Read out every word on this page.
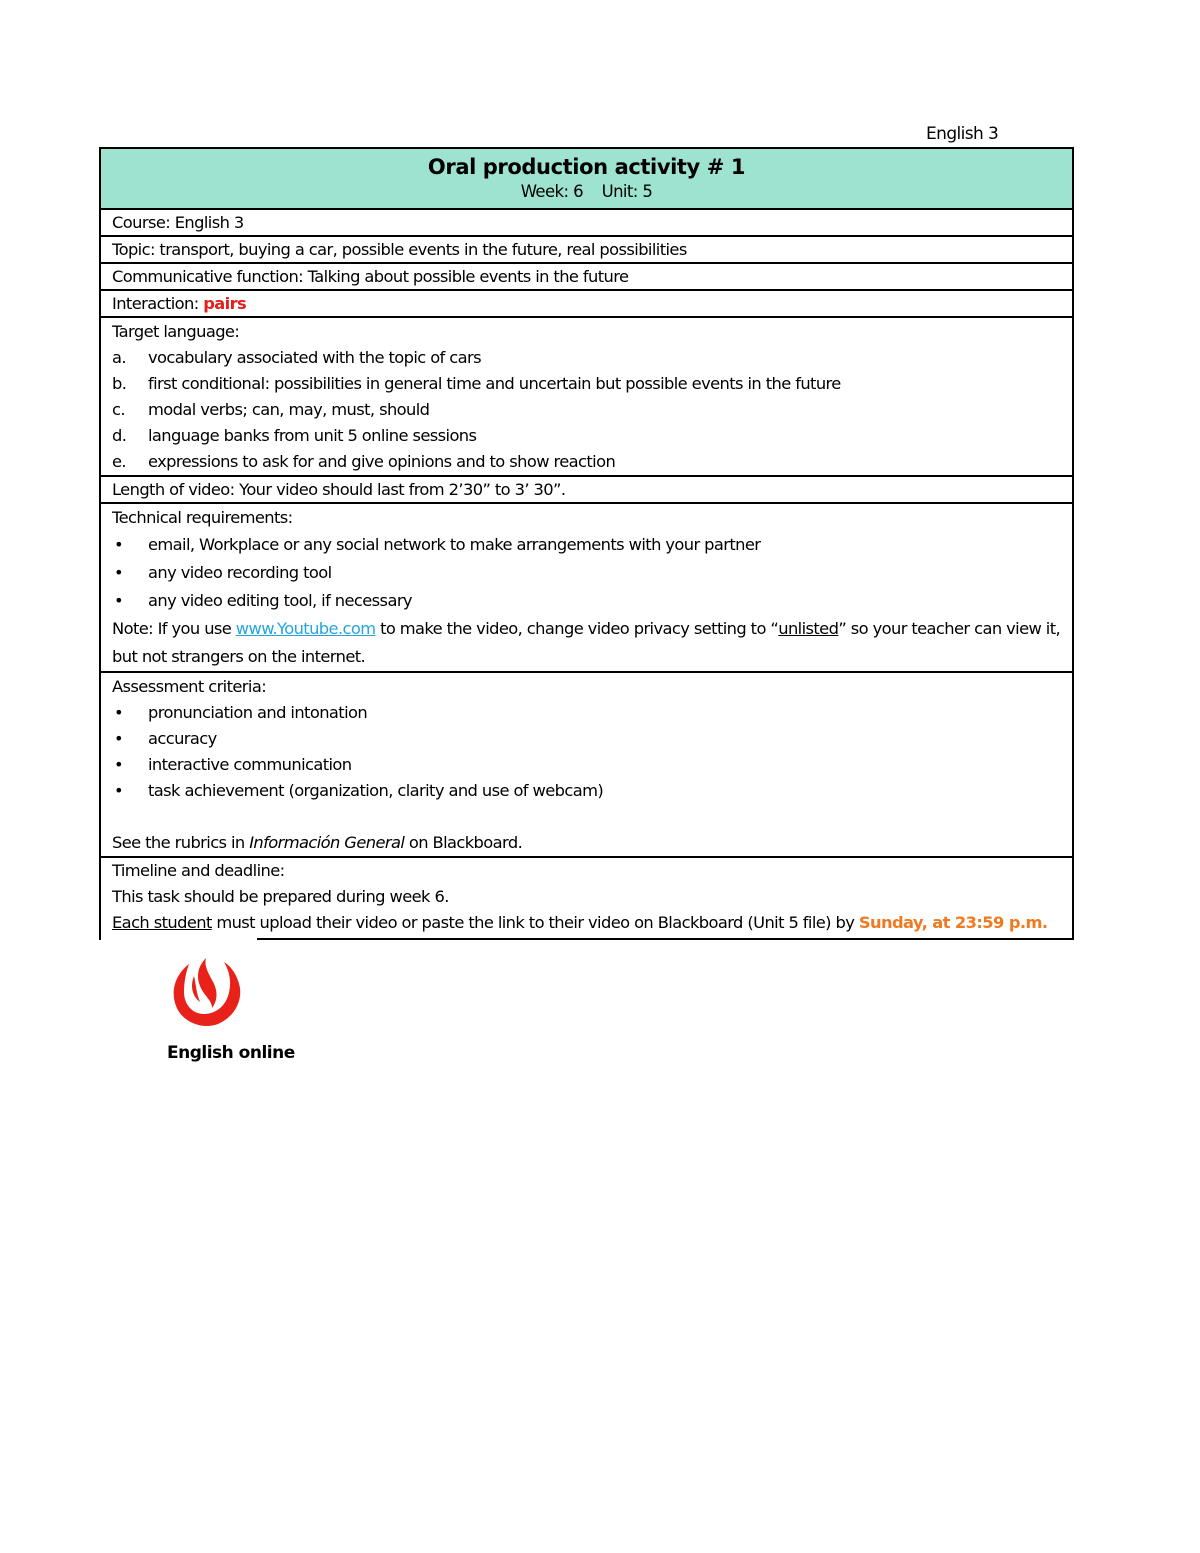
English 3
Oral production activity # 1
Week: 6 Unit: 5
Course: English 3
Topic: transport, buying a car, possible events in the future, real possibilities
Communicative function: Talking about possible events in the future
Interaction: pairs
Target language:
a.	vocabulary associated with the topic of cars
b.	first conditional: possibilities in general time and uncertain but possible events in the future
c.	modal verbs; can, may, must, should
d.	language banks from unit 5 online sessions
e.	expressions to ask for and give opinions and to show reaction
Length of video: Your video should last from 2’30” to 3’ 30”.
Technical requirements:
•	email, Workplace or any social network to make arrangements with your partner
•	any video recording tool
•	any video editing tool, if necessary
Note: If you use www.Youtube.com to make the video, change video privacy setting to “unlisted” so your teacher can view it, but not strangers on the internet.
Assessment criteria:
•	pronunciation and intonation
•	accuracy
•	interactive communication
•	task achievement (organization, clarity and use of webcam)
See the rubrics in Información General on Blackboard.
Timeline and deadline:
This task should be prepared during week 6.
Each student must upload their video or paste the link to their video on Blackboard (Unit 5 file) by Sunday, at 23:59 p.m.
English online
